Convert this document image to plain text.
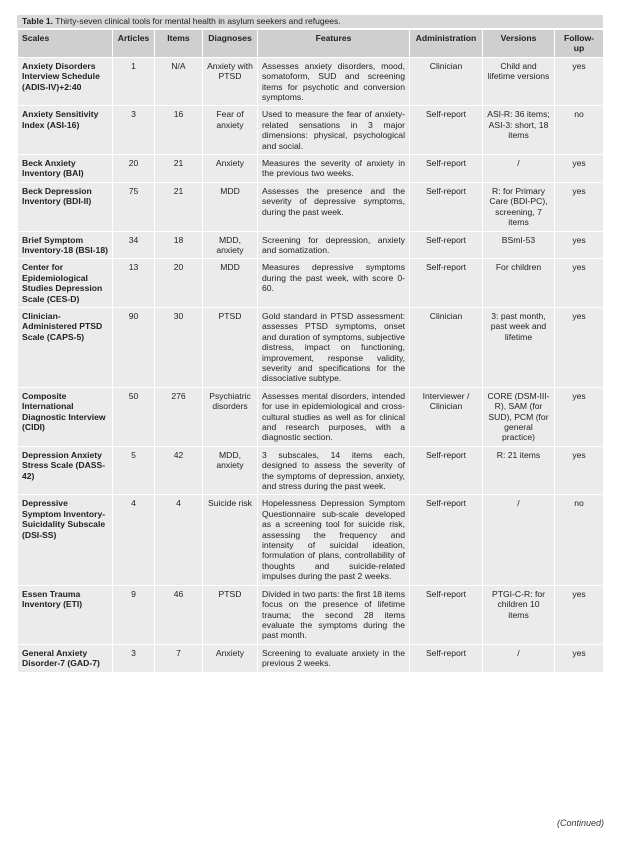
Table 1. Thirty-seven clinical tools for mental health in asylum seekers and refugees.
Scales	Articles	Items	Diagnoses	Features	Administration	Versions	Follow-up
Anxiety Disorders Interview Schedule (ADIS-IV)+2:40	1	N/A	Anxiety with PTSD	Assesses anxiety disorders, mood, somatoform, SUD and screening items for psychotic and conversion symptoms.	Clinician	Child and lifetime versions	yes
Anxiety Sensitivity Index (ASI-16)	3	16	Fear of anxiety	Used to measure the fear of anxiety-related sensations in 3 major dimensions: physical, psychological and social.	Self-report	ASI-R: 36 items; ASI-3: short, 18 items	no
Beck Anxiety Inventory (BAI)	20	21	Anxiety	Measures the severity of anxiety in the previous two weeks.	Self-report	/	yes
Beck Depression Inventory (BDI-II)	75	21	MDD	Assesses the presence and the severity of depressive symptoms, during the past week.	Self-report	R: for Primary Care (BDI-PC), screening, 7 items	yes
Brief Symptom Inventory-18 (BSI-18)	34	18	MDD, anxiety	Screening for depression, anxiety and somatization.	Self-report	BSmI-53	yes
Center for Epidemiological Studies Depression Scale (CES-D)	13	20	MDD	Measures depressive symptoms during the past week, with score 0-60.	Self-report	For children	yes
Clinician-Administered PTSD Scale (CAPS-5)	90	30	PTSD	Gold standard in PTSD assessment: assesses PTSD symptoms, onset and duration of symptoms, subjective distress, impact on functioning, improvement, response validity, severity and specifications for the dissociative subtype.	Clinician	3: past month, past week and lifetime	yes
Composite International Diagnostic Interview (CIDI)	50	276	Psychiatric disorders	Assesses mental disorders, intended for use in epidemiological and cross-cultural studies as well as for clinical and research purposes, with a diagnostic section.	Interviewer / Clinician	CORE (DSM-III-R), SAM (for SUD), PCM (for general practice)	yes
Depression Anxiety Stress Scale (DASS-42)	5	42	MDD, anxiety	3 subscales, 14 items each, designed to assess the severity of the symptoms of depression, anxiety, and stress during the past week.	Self-report	R: 21 items	yes
Depressive Symptom Inventory-Suicidality Subscale (DSI-SS)	4	4	Suicide risk	Hopelessness Depression Symptom Questionnaire sub-scale developed as a screening tool for suicide risk, assessing the frequency and intensity of suicidal ideation, formulation of plans, controllability of thoughts and suicide-related impulses during the past 2 weeks.	Self-report	/	no
Essen Trauma Inventory (ETI)	9	46	PTSD	Divided in two parts: the first 18 items focus on the presence of lifetime trauma; the second 28 items evaluate the symptoms during the past month.	Self-report	PTGI-C-R: for children 10 items	yes
General Anxiety Disorder-7 (GAD-7)	3	7	Anxiety	Screening to evaluate anxiety in the previous 2 weeks.	Self-report	/	yes
(Continued)
